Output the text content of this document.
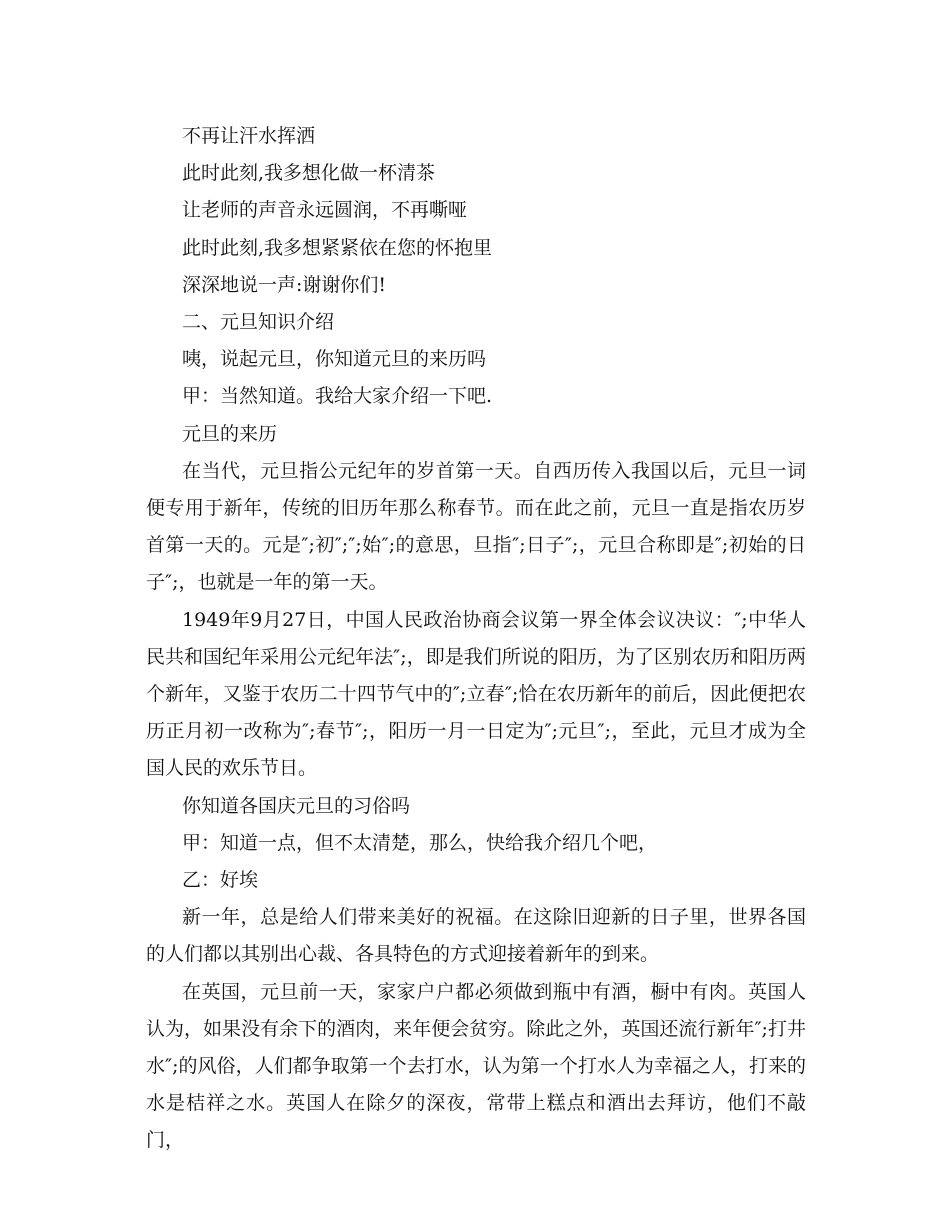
不再让汗水挥洒
此时此刻,我多想化做一杯清茶
让老师的声音永远圆润，不再嘶哑
此时此刻,我多想紧紧依在您的怀抱里
深深地说一声:谢谢你们!
二、元旦知识介绍
咦，说起元旦，你知道元旦的来历吗
甲：当然知道。我给大家介绍一下吧.
元旦的来历

在当代，元旦指公元纪年的岁首第一天。自西历传入我国以后，元旦一词便专用于新年，传统的旧历年那么称春节。而在此之前，元旦一直是指农历岁首第一天的。元是″;初″;″;始″;的意思，旦指″;日子″;，元旦合称即是″;初始的日子″;，也就是一年的第一天。

1949年9月27日，中国人民政治协商会议第一界全体会议决议：″;中华人民共和国纪年采用公元纪年法″;，即是我们所说的阳历，为了区别农历和阳历两个新年，又鉴于农历二十四节气中的″;立春″;恰在农历新年的前后，因此便把农历正月初一改称为″;春节″;，阳历一月一日定为″;元旦″;，至此，元旦才成为全国人民的欢乐节日。

你知道各国庆元旦的习俗吗
甲：知道一点，但不太清楚，那么，快给我介绍几个吧，
乙：好埃

新一年，总是给人们带来美好的祝福。在这除旧迎新的日子里，世界各国的人们都以其别出心裁、各具特色的方式迎接着新年的到来。

在英国，元旦前一天，家家户户都必须做到瓶中有酒，橱中有肉。英国人认为，如果没有余下的酒肉，来年便会贫穷。除此之外，英国还流行新年″;打井水″;的风俗，人们都争取第一个去打水，认为第一个打水人为幸福之人，打来的水是桔祥之水。英国人在除夕的深夜，常带上糕点和酒出去拜访，他们不敲门，
